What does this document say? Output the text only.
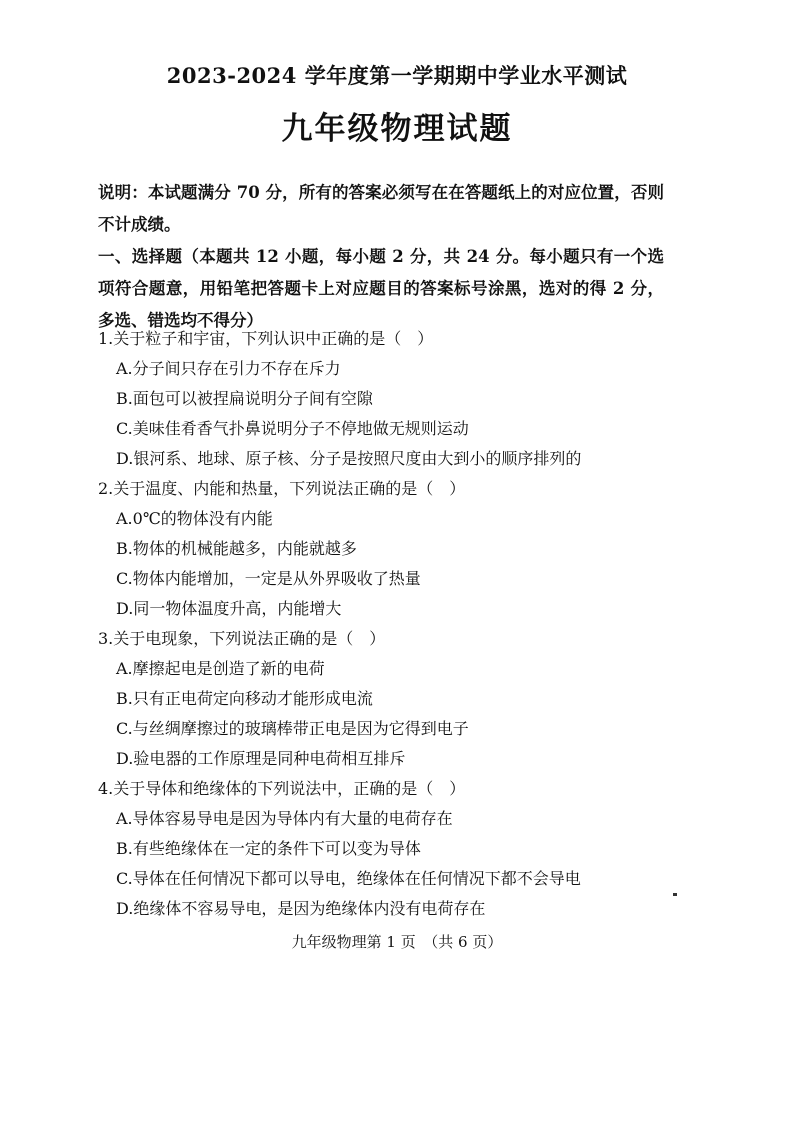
2023-2024 学年度第一学期期中学业水平测试
九年级物理试题
说明：本试题满分 70 分，所有的答案必须写在在答题纸上的对应位置，否则不计成绩。
一、选择题（本题共 12 小题，每小题 2 分，共 24 分。每小题只有一个选项符合题意，用铅笔把答题卡上对应题目的答案标号涂黑，选对的得 2 分，多选、错选均不得分）
1.关于粒子和宇宙，下列认识中正确的是（　）
A.分子间只存在引力不存在斥力
B.面包可以被捏扁说明分子间有空隙
C.美味佳肴香气扑鼻说明分子不停地做无规则运动
D.银河系、地球、原子核、分子是按照尺度由大到小的顺序排列的
2.关于温度、内能和热量，下列说法正确的是（　）
A.0℃的物体没有内能
B.物体的机械能越多，内能就越多
C.物体内能增加，一定是从外界吸收了热量
D.同一物体温度升高，内能增大
3.关于电现象，下列说法正确的是（　）
A.摩擦起电是创造了新的电荷
B.只有正电荷定向移动才能形成电流
C.与丝绸摩擦过的玻璃棒带正电是因为它得到电子
D.验电器的工作原理是同种电荷相互排斥
4.关于导体和绝缘体的下列说法中，正确的是（　）
A.导体容易导电是因为导体内有大量的电荷存在
B.有些绝缘体在一定的条件下可以变为导体
C.导体在任何情况下都可以导电，绝缘体在任何情况下都不会导电
D.绝缘体不容易导电，是因为绝缘体内没有电荷存在
九年级物理第 1 页　（共 6 页）
